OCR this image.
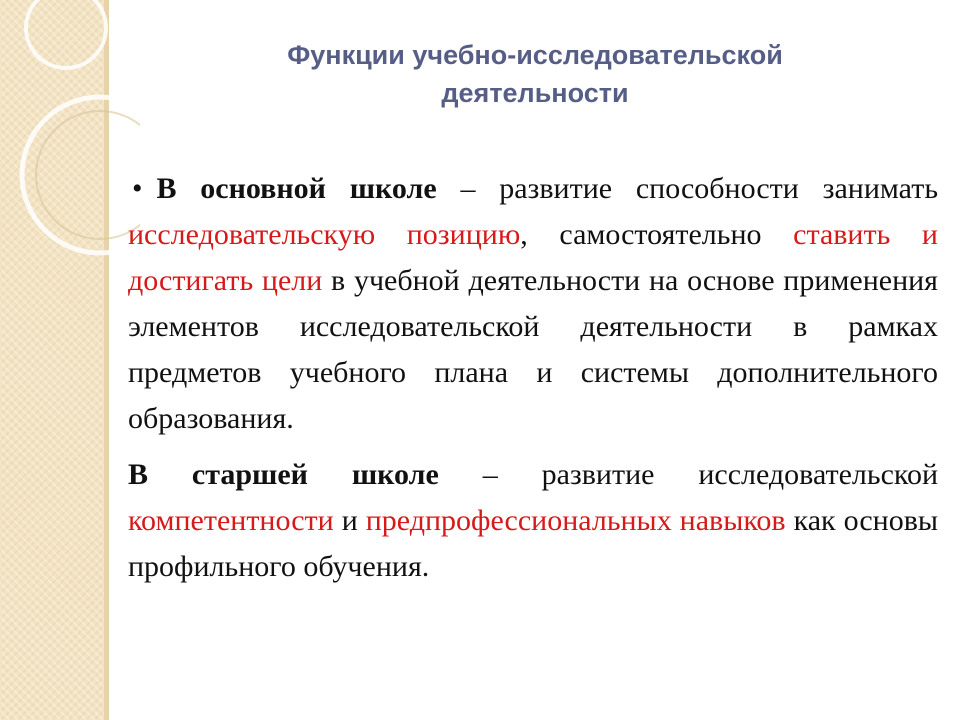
Функции учебно-исследовательской
деятельности

• В основной школе – развитие способности занимать исследовательскую позицию, самостоятельно ставить и достигать цели в учебной деятельности на основе применения элементов исследовательской деятельности в рамках предметов учебного плана и системы дополнительного образования.

В старшей школе – развитие исследовательской компетентности и предпрофессиональных навыков как основы профильного обучения.
